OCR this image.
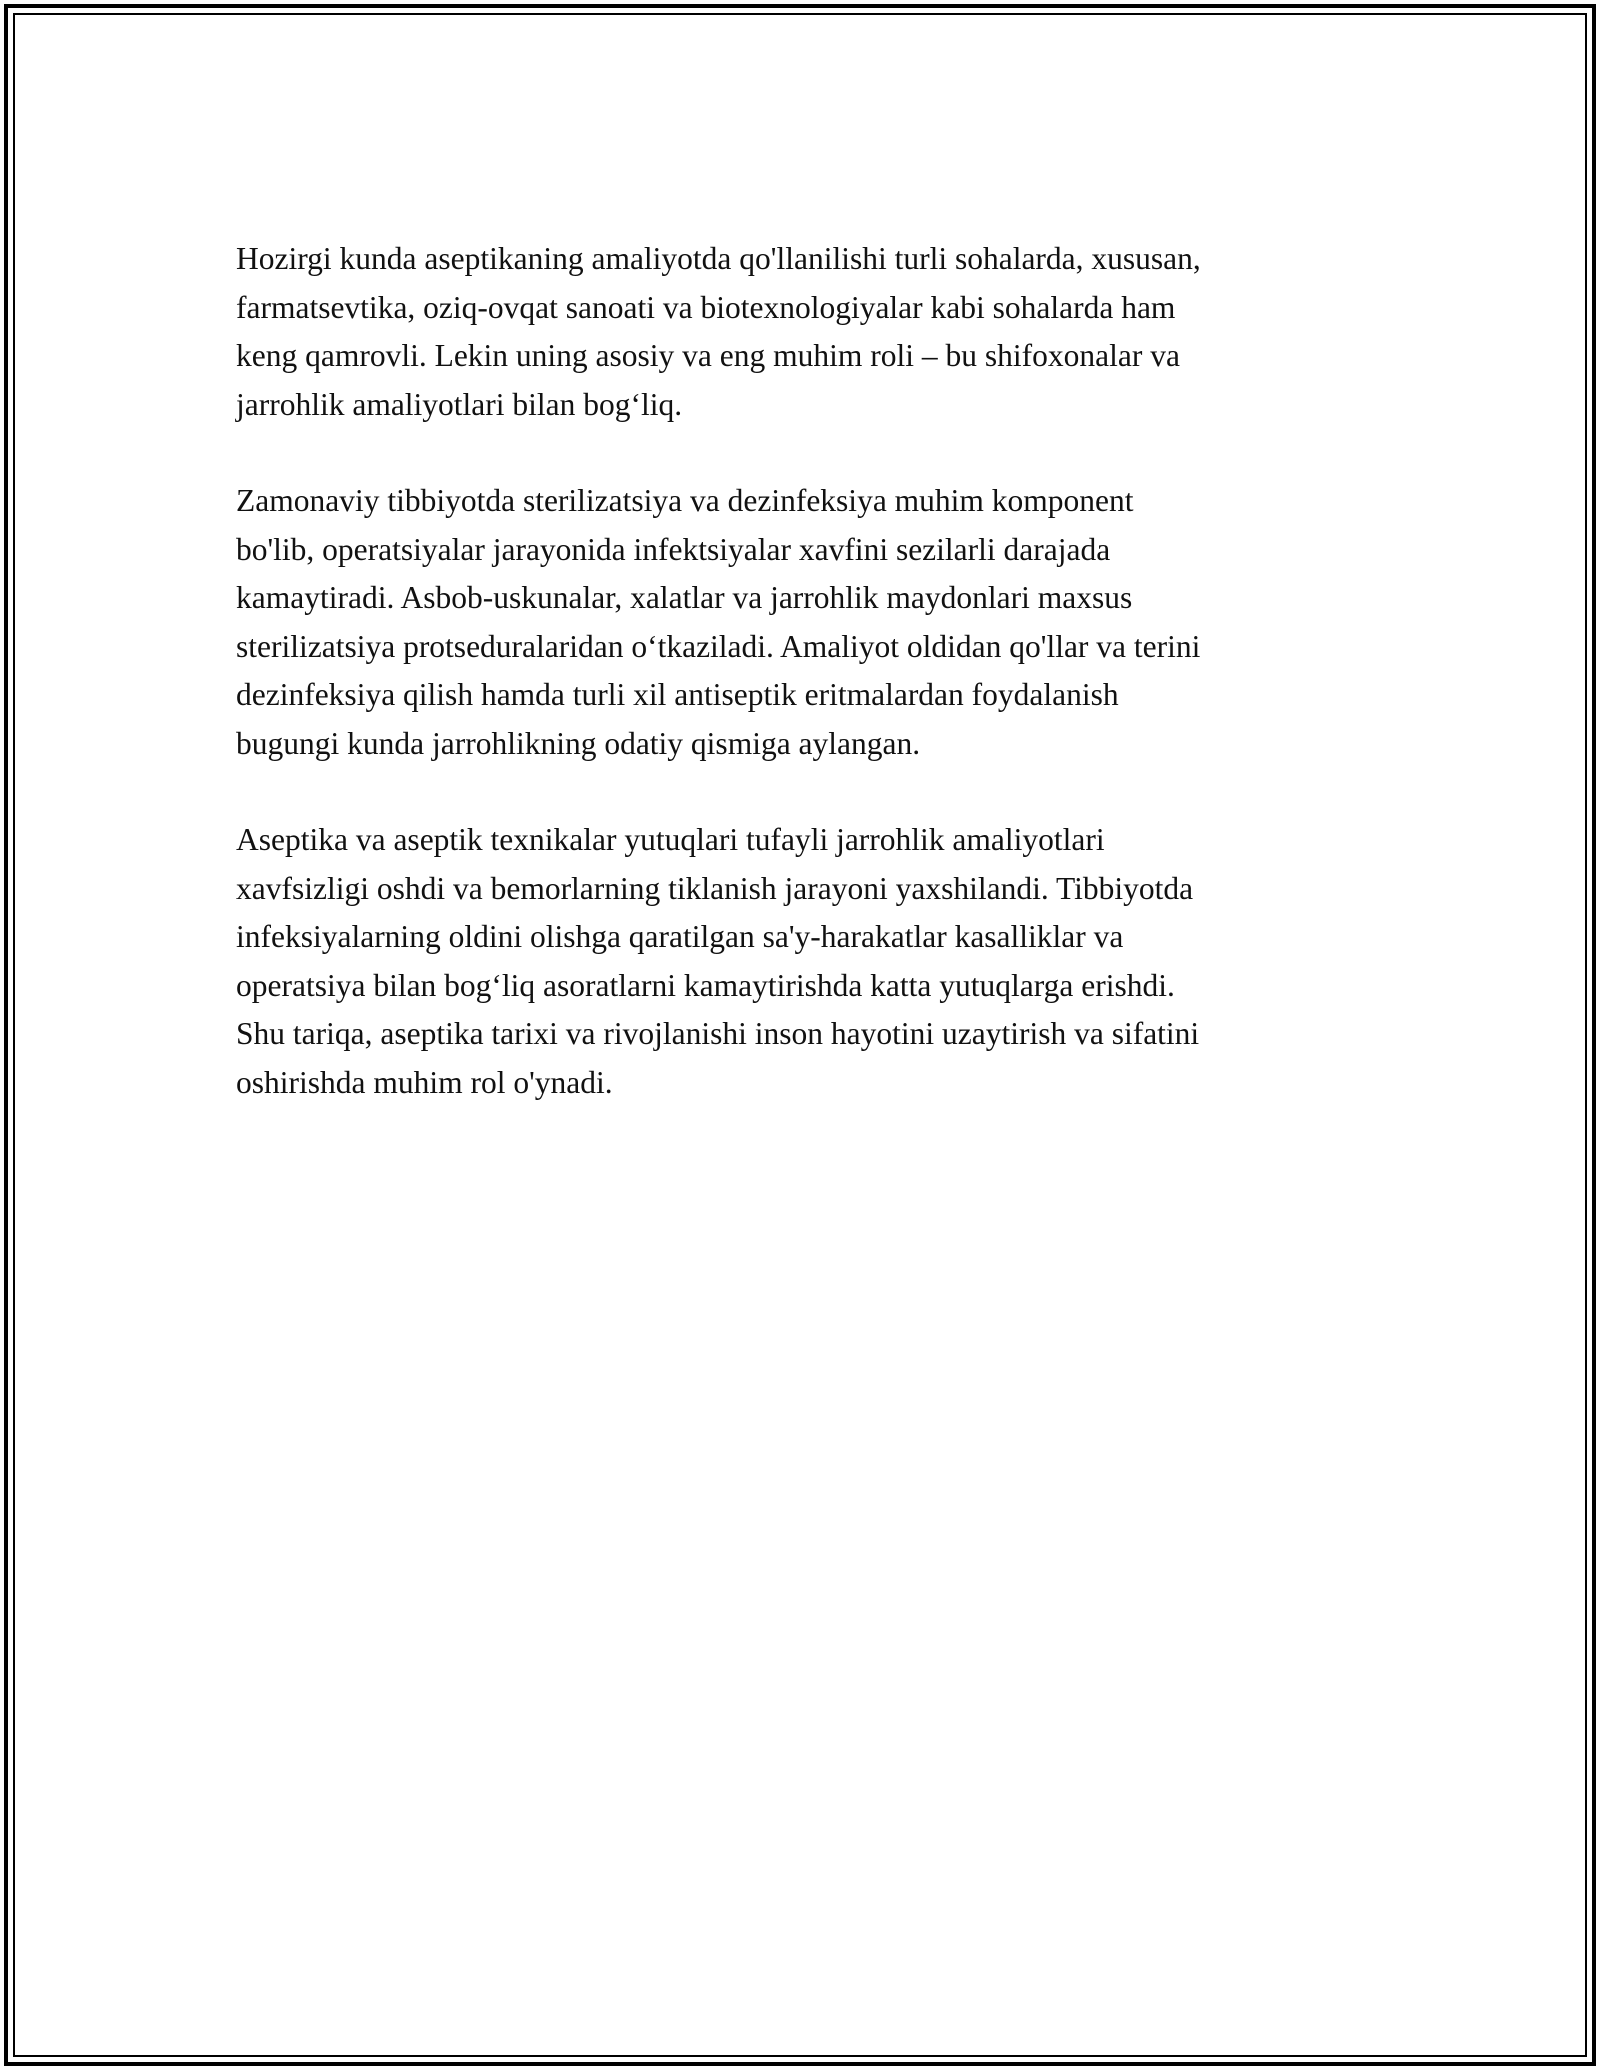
Hozirgi kunda aseptikaning amaliyotda qo'llanilishi turli sohalarda, xususan,
farmatsevtika, oziq-ovqat sanoati va biotexnologiyalar kabi sohalarda ham
keng qamrovli. Lekin uning asosiy va eng muhim roli – bu shifoxonalar va
jarrohlik amaliyotlari bilan bog‘liq.

Zamonaviy tibbiyotda sterilizatsiya va dezinfeksiya muhim komponent
bo'lib, operatsiyalar jarayonida infektsiyalar xavfini sezilarli darajada
kamaytiradi. Asbob-uskunalar, xalatlar va jarrohlik maydonlari maxsus
sterilizatsiya protseduralaridan o‘tkaziladi. Amaliyot oldidan qo'llar va terini
dezinfeksiya qilish hamda turli xil antiseptik eritmalardan foydalanish
bugungi kunda jarrohlikning odatiy qismiga aylangan.

Aseptika va aseptik texnikalar yutuqlari tufayli jarrohlik amaliyotlari
xavfsizligi oshdi va bemorlarning tiklanish jarayoni yaxshilandi. Tibbiyotda
infeksiyalarning oldini olishga qaratilgan sa'y-harakatlar kasalliklar va
operatsiya bilan bog‘liq asoratlarni kamaytirishda katta yutuqlarga erishdi.
Shu tariqa, aseptika tarixi va rivojlanishi inson hayotini uzaytirish va sifatini
oshirishda muhim rol o'ynadi.
